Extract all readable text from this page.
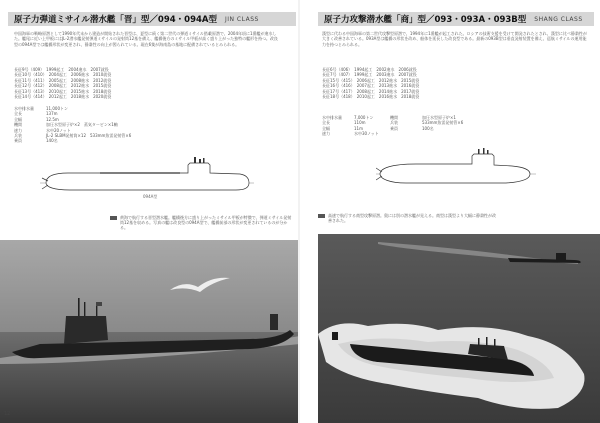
原子力弾道ミサイル潜水艦「晋」型／094・094A型 JIN CLASS

中国海軍の戦略原潜として1990年代末から建造が開始された晋型は、夏型に続く第二世代の弾道ミサイル搭載原潜で、2004年頃に1番艦が進水した。艦尾に近い上甲板にはJL-2潜水艦発射弾道ミサイルの発射筒12基を備え、艦橋後方のミサイル甲板が高く盛り上がった独特の艦形を持つ。改良型の094A型では艦橋形状が変更され、静粛性の向上が図られている。現在6隻が海南島の基地に配備されているとみられる。

長征9号（409）　1999起工　2004進水　2007就役
長征10号（410）　2004起工　2006進水　2010就役
長征11号（411）　2005起工　2008進水　2012就役
長征12号（412）　2008起工　2012進水　2015就役
長征13号（413）　2010起工　2015進水　2018就役
長征14号（414）　2012起工　2018進水　2020就役
水中排水量	11,000トン
全長	137m
全幅	12.5m
機関	加圧水型原子炉×2　蒸気タービン×1軸
速力	水中20ノット
兵装	JL-2 SLBM発射筒×12　533mm魚雷発射管×6
乗員	140名
094A型

黄海で航行する晋型潜水艦。艦橋後方に盛り上がったミサイル甲板が特徴で、弾道ミサイル発射筒12基を収める。写真の艦は改良型の094A型で、艦橋前部の形状が変更されているのが分かる。

12
原子力攻撃潜水艦「商」型／093・093A・093B型 SHANG CLASS

漢型に代わる中国海軍の第二世代攻撃型原潜で、1994年に1番艦が起工された。ロシアの技術支援を受けて開発されたとされ、漢型に比べ静粛性が大きく改善されている。093A型は艦橋の形状を改め、船体を延長した改良型である。最新の093B型は垂直発射装置を備え、巡航ミサイルの運用能力を持つとみられる。

長征6号（406）　1994起工　2002進水　2006就役
長征7号（407）　1999起工　2003進水　2007就役
長征15号（415）　2006起工　2012進水　2015就役
長征16号（416）　2007起工　2013進水　2016就役
長征17号（417）　2008起工　2014進水　2017就役
長征18号（418）　2010起工　2016進水　2018就役
水中排水量	7,000トン
全長	110m
全幅	11m
速力	水中30ノット
機関	加圧水型原子炉×1
兵装	533mm魚雷発射管×6
乗員	100名

高速で航行する商型攻撃原潜。奥には別の潜水艦が見える。商型は漢型より大幅に静粛性が改善された。
